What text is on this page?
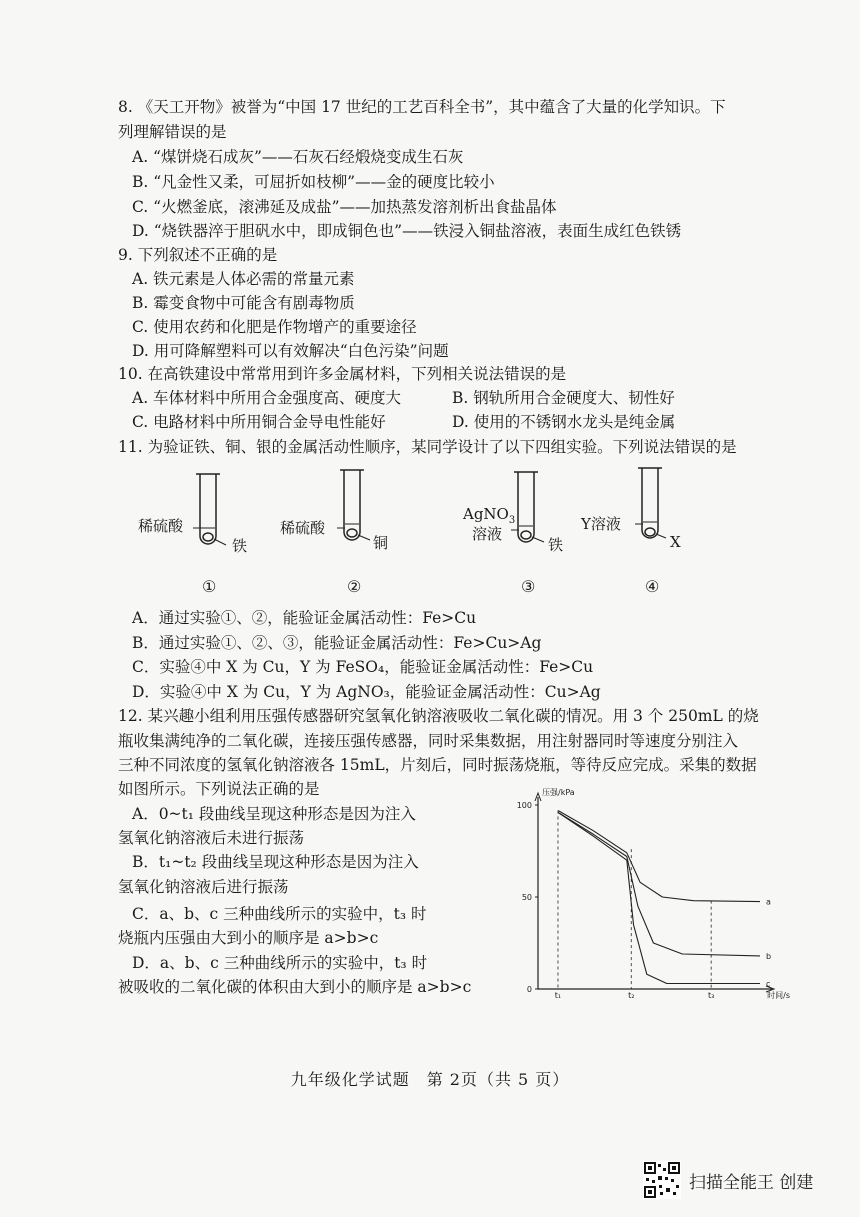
8. 《天工开物》被誉为“中国 17 世纪的工艺百科全书”，其中蕴含了大量的化学知识。下
列理解错误的是
A. “煤饼烧石成灰”——石灰石经煅烧变成生石灰
B. “凡金性又柔，可屈折如枝柳”——金的硬度比较小
C. “火燃釜底，滚沸延及成盐”——加热蒸发溶剂析出食盐晶体
D. “烧铁器淬于胆矾水中，即成铜色也”——铁浸入铜盐溶液，表面生成红色铁锈
9. 下列叙述不正确的是
A. 铁元素是人体必需的常量元素
B. 霉变食物中可能含有剧毒物质
C. 使用农药和化肥是作物增产的重要途径
D. 用可降解塑料可以有效解决“白色污染”问题
10. 在高铁建设中常常用到许多金属材料，下列相关说法错误的是
A. 车体材料中所用合金强度高、硬度大	B. 钢轨所用合金硬度大、韧性好
C. 电路材料中所用铜合金导电性能好	D. 使用的不锈钢水龙头是纯金属
11. 为验证铁、铜、银的金属活动性顺序，某同学设计了以下四组实验。下列说法错误的是
稀硫酸
铁
①
稀硫酸
铜
②
AgNO$_3$
溶液
铁
③
Y溶液
X
④
A．通过实验①、②，能验证金属活动性：Fe>Cu
B．通过实验①、②、③，能验证金属活动性：Fe>Cu>Ag
C．实验④中 X 为 Cu，Y 为 FeSO₄，能验证金属活动性：Fe>Cu
D．实验④中 X 为 Cu，Y 为 AgNO₃，能验证金属活动性：Cu>Ag
12. 某兴趣小组利用压强传感器研究氢氧化钠溶液吸收二氧化碳的情况。用 3 个 250mL 的烧
瓶收集满纯净的二氧化碳，连接压强传感器，同时采集数据，用注射器同时等速度分别注入
三种不同浓度的氢氧化钠溶液各 15mL，片刻后，同时振荡烧瓶，等待反应完成。采集的数据
如图所示。下列说法正确的是
A．0~t₁ 段曲线呈现这种形态是因为注入
氢氧化钠溶液后未进行振荡
B．t₁~t₂ 段曲线呈现这种形态是因为注入
氢氧化钠溶液后进行振荡
C．a、b、c 三种曲线所示的实验中，t₃ 时
烧瓶内压强由大到小的顺序是 a>b>c
D．a、b、c 三种曲线所示的实验中，t₃ 时
被吸收的二氧化碳的体积由大到小的顺序是 a>b>c
100
50
0
t₁	t₂	t₃
压强/kPa
时间/s
a
b
c
九年级化学试题　第 2页（共 5 页）
扫描全能王 创建
